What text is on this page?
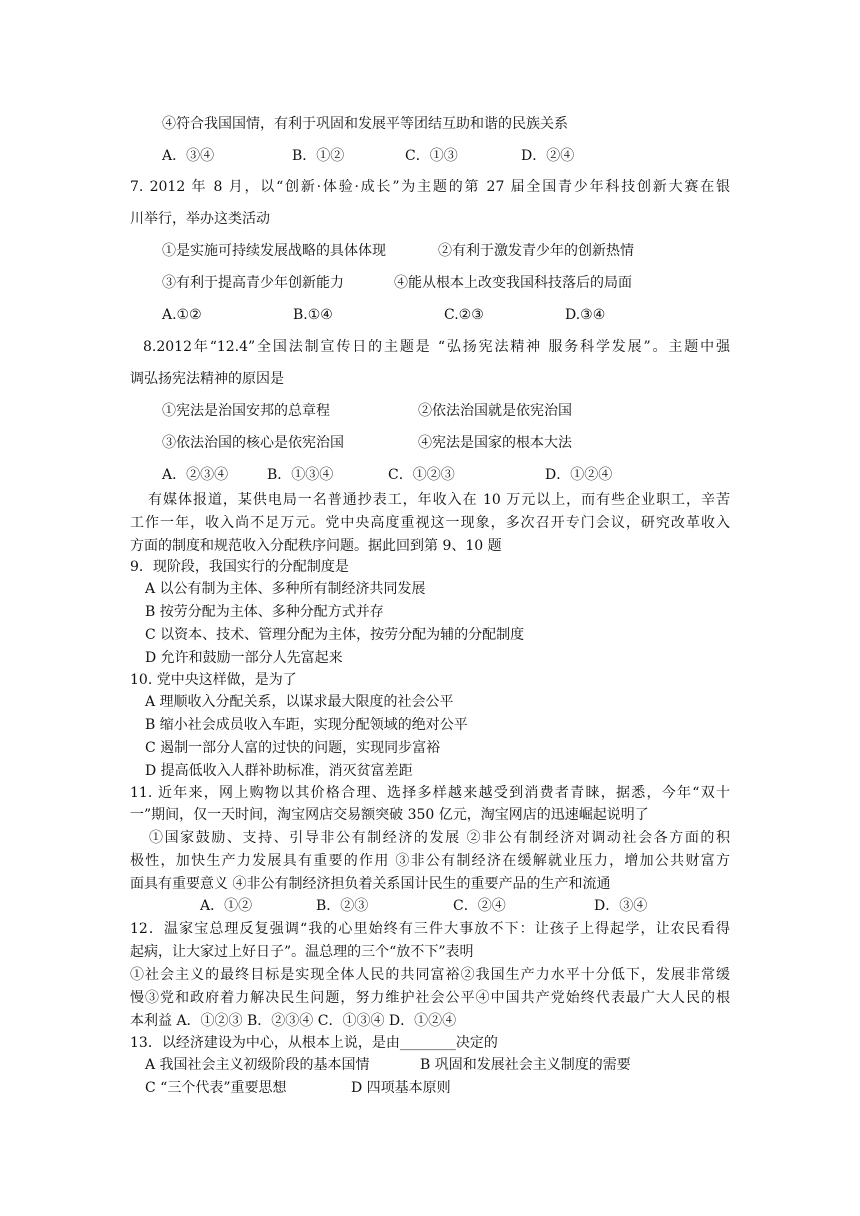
④符合我国国情，有利于巩固和发展平等团结互助和谐的民族关系
A．③④	B．①②	C．①③	D．②④
7. 2012 年 8 月，以“创新·体验·成长”为主题的第 27 届全国青少年科技创新大赛在银
川举行，举办这类活动
①是实施可持续发展战略的具体体现	②有利于激发青少年的创新热情
③有利于提高青少年创新能力	④能从根本上改变我国科技落后的局面
A.①②	B.①④	C.②③	D.③④
8.2012年“12.4”全国法制宣传日的主题是 “弘扬宪法精神 服务科学发展”。主题中强
调弘扬宪法精神的原因是
①宪法是治国安邦的总章程	②依法治国就是依宪治国
③依法治国的核心是依宪治国	④宪法是国家的根本大法
A．②③④	B．①③④	C．①②③	D．①②④
有媒体报道，某供电局一名普通抄表工，年收入在 10 万元以上，而有些企业职工，辛苦
工作一年，收入尚不足万元。党中央高度重视这一现象，多次召开专门会议，研究改革收入
方面的制度和规范收入分配秩序问题。据此回到第 9、10 题
9．现阶段，我国实行的分配制度是
A 以公有制为主体、多种所有制经济共同发展
B 按劳分配为主体、多种分配方式并存
C 以资本、技术、管理分配为主体，按劳分配为辅的分配制度
D 允许和鼓励一部分人先富起来
10. 党中央这样做，是为了
A 理顺收入分配关系，以谋求最大限度的社会公平
B 缩小社会成员收入车距，实现分配领域的绝对公平
C 遏制一部分人富的过快的问题，实现同步富裕
D 提高低收入人群补助标准，消灭贫富差距
11. 近年来，网上购物以其价格合理、选择多样越来越受到消费者青睐，据悉，今年“双十
一”期间，仅一天时间，淘宝网店交易额突破 350 亿元，淘宝网店的迅速崛起说明了
①国家鼓励、支持、引导非公有制经济的发展 ②非公有制经济对调动社会各方面的积
极性，加快生产力发展具有重要的作用 ③非公有制经济在缓解就业压力，增加公共财富方
面具有重要意义 ④非公有制经济担负着关系国计民生的重要产品的生产和流通
A．①②	B．②③	C．②④	D．③④
12．温家宝总理反复强调“我的心里始终有三件大事放不下：让孩子上得起学，让农民看得
起病，让大家过上好日子”。温总理的三个“放不下”表明
①社会主义的最终目标是实现全体人民的共同富裕②我国生产力水平十分低下，发展非常缓
慢③党和政府着力解决民生问题，努力维护社会公平④中国共产党始终代表最广大人民的根
本利益 A．①②③ B．②③④ C．①③④ D．①②④
13．以经济建设为中心，从根本上说，是由________决定的
A 我国社会主义初级阶段的基本国情	B 巩固和发展社会主义制度的需要
C “三个代表”重要思想	D 四项基本原则
